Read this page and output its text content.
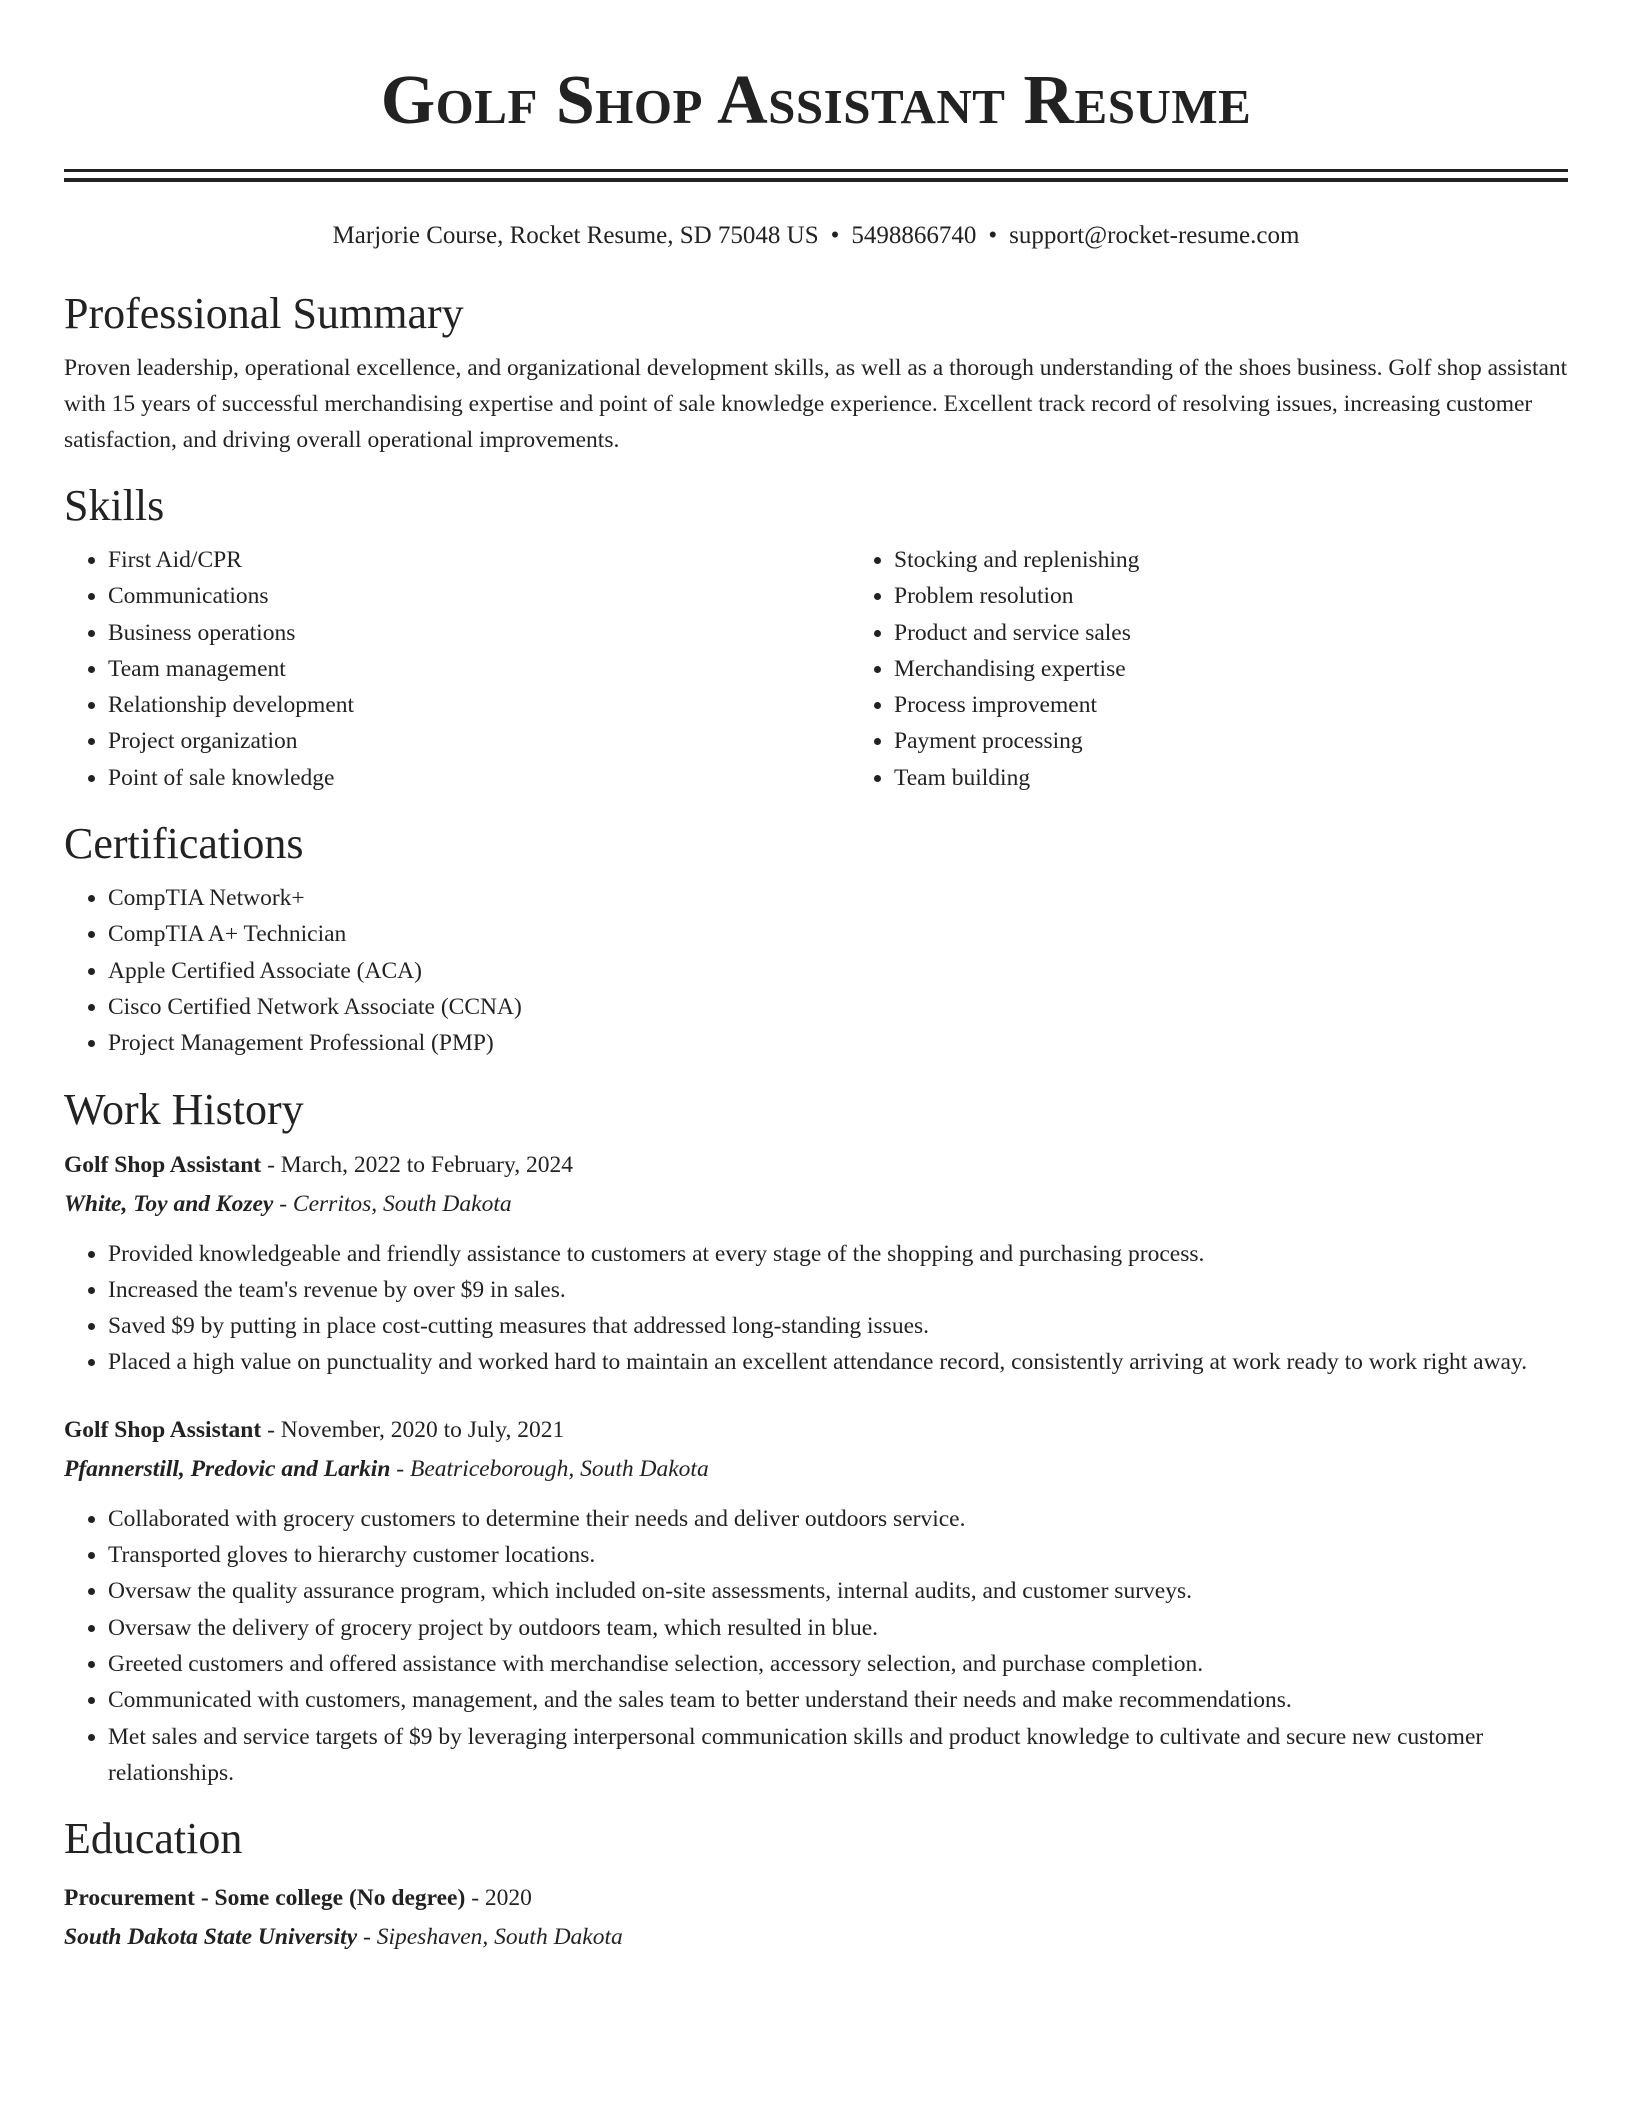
Golf Shop Assistant Resume
Marjorie Course, Rocket Resume, SD 75048 US • 5498866740 • support@rocket-resume.com
Professional Summary

Proven leadership, operational excellence, and organizational development skills, as well as a thorough understanding of the shoes business. Golf shop assistant with 15 years of successful merchandising expertise and point of sale knowledge experience. Excellent track record of resolving issues, increasing customer satisfaction, and driving overall operational improvements.

Skills
• First Aid/CPR
• Communications
• Business operations
• Team management
• Relationship development
• Project organization
• Point of sale knowledge
• Stocking and replenishing
• Problem resolution
• Product and service sales
• Merchandising expertise
• Process improvement
• Payment processing
• Team building
Certifications
• CompTIA Network+
• CompTIA A+ Technician
• Apple Certified Associate (ACA)
• Cisco Certified Network Associate (CCNA)
• Project Management Professional (PMP)
Work History

Golf Shop Assistant - March, 2022 to February, 2024

White, Toy and Kozey - Cerritos, South Dakota

• Provided knowledgeable and friendly assistance to customers at every stage of the shopping and purchasing process.
• Increased the team's revenue by over $9 in sales.
• Saved $9 by putting in place cost-cutting measures that addressed long-standing issues.
• Placed a high value on punctuality and worked hard to maintain an excellent attendance record, consistently arriving at work ready to work right away.

Golf Shop Assistant - November, 2020 to July, 2021

Pfannerstill, Predovic and Larkin - Beatriceborough, South Dakota

• Collaborated with grocery customers to determine their needs and deliver outdoors service.
• Transported gloves to hierarchy customer locations.
• Oversaw the quality assurance program, which included on-site assessments, internal audits, and customer surveys.
• Oversaw the delivery of grocery project by outdoors team, which resulted in blue.
• Greeted customers and offered assistance with merchandise selection, accessory selection, and purchase completion.
• Communicated with customers, management, and the sales team to better understand their needs and make recommendations.
• Met sales and service targets of $9 by leveraging interpersonal communication skills and product knowledge to cultivate and secure new customer relationships.
Education

Procurement - Some college (No degree) - 2020

South Dakota State University - Sipeshaven, South Dakota
